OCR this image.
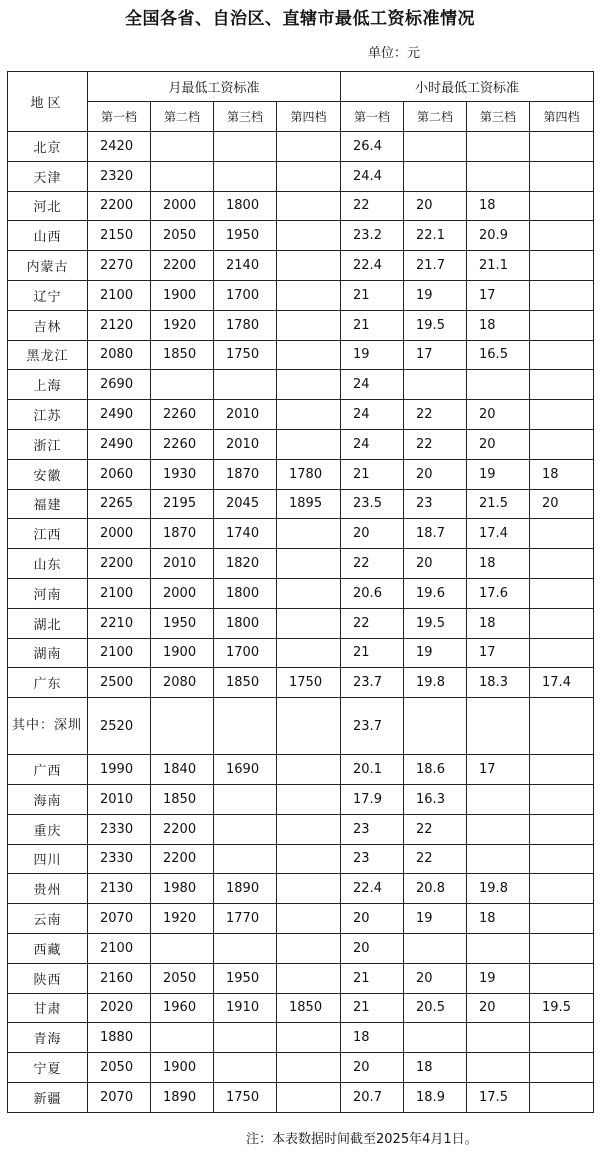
全国各省、自治区、直辖市最低工资标准情况
单位：元
地区	月最低工资标准				小时最低工资标准			
	第一档	第二档	第三档	第四档	第一档	第二档	第三档	第四档
北京	2420				26.4			
天津	2320				24.4			
河北	2200	2000	1800		22	20	18	
山西	2150	2050	1950		23.2	22.1	20.9	
内蒙古	2270	2200	2140		22.4	21.7	21.1	
辽宁	2100	1900	1700		21	19	17	
吉林	2120	1920	1780		21	19.5	18	
黑龙江	2080	1850	1750		19	17	16.5	
上海	2690				24			
江苏	2490	2260	2010		24	22	20	
浙江	2490	2260	2010		24	22	20	
安徽	2060	1930	1870	1780	21	20	19	18
福建	2265	2195	2045	1895	23.5	23	21.5	20
江西	2000	1870	1740		20	18.7	17.4	
山东	2200	2010	1820		22	20	18	
河南	2100	2000	1800		20.6	19.6	17.6	
湖北	2210	1950	1800		22	19.5	18	
湖南	2100	1900	1700		21	19	17	
广东	2500	2080	1850	1750	23.7	19.8	18.3	17.4
其中：深圳	2520				23.7			
广西	1990	1840	1690		20.1	18.6	17	
海南	2010	1850			17.9	16.3		
重庆	2330	2200			23	22		
四川	2330	2200			23	22		
贵州	2130	1980	1890		22.4	20.8	19.8	
云南	2070	1920	1770		20	19	18	
西藏	2100				20			
陕西	2160	2050	1950		21	20	19	
甘肃	2020	1960	1910	1850	21	20.5	20	19.5
青海	1880				18			
宁夏	2050	1900			20	18		
新疆	2070	1890	1750		20.7	18.9	17.5	
注：本表数据时间截至2025年4月1日。
